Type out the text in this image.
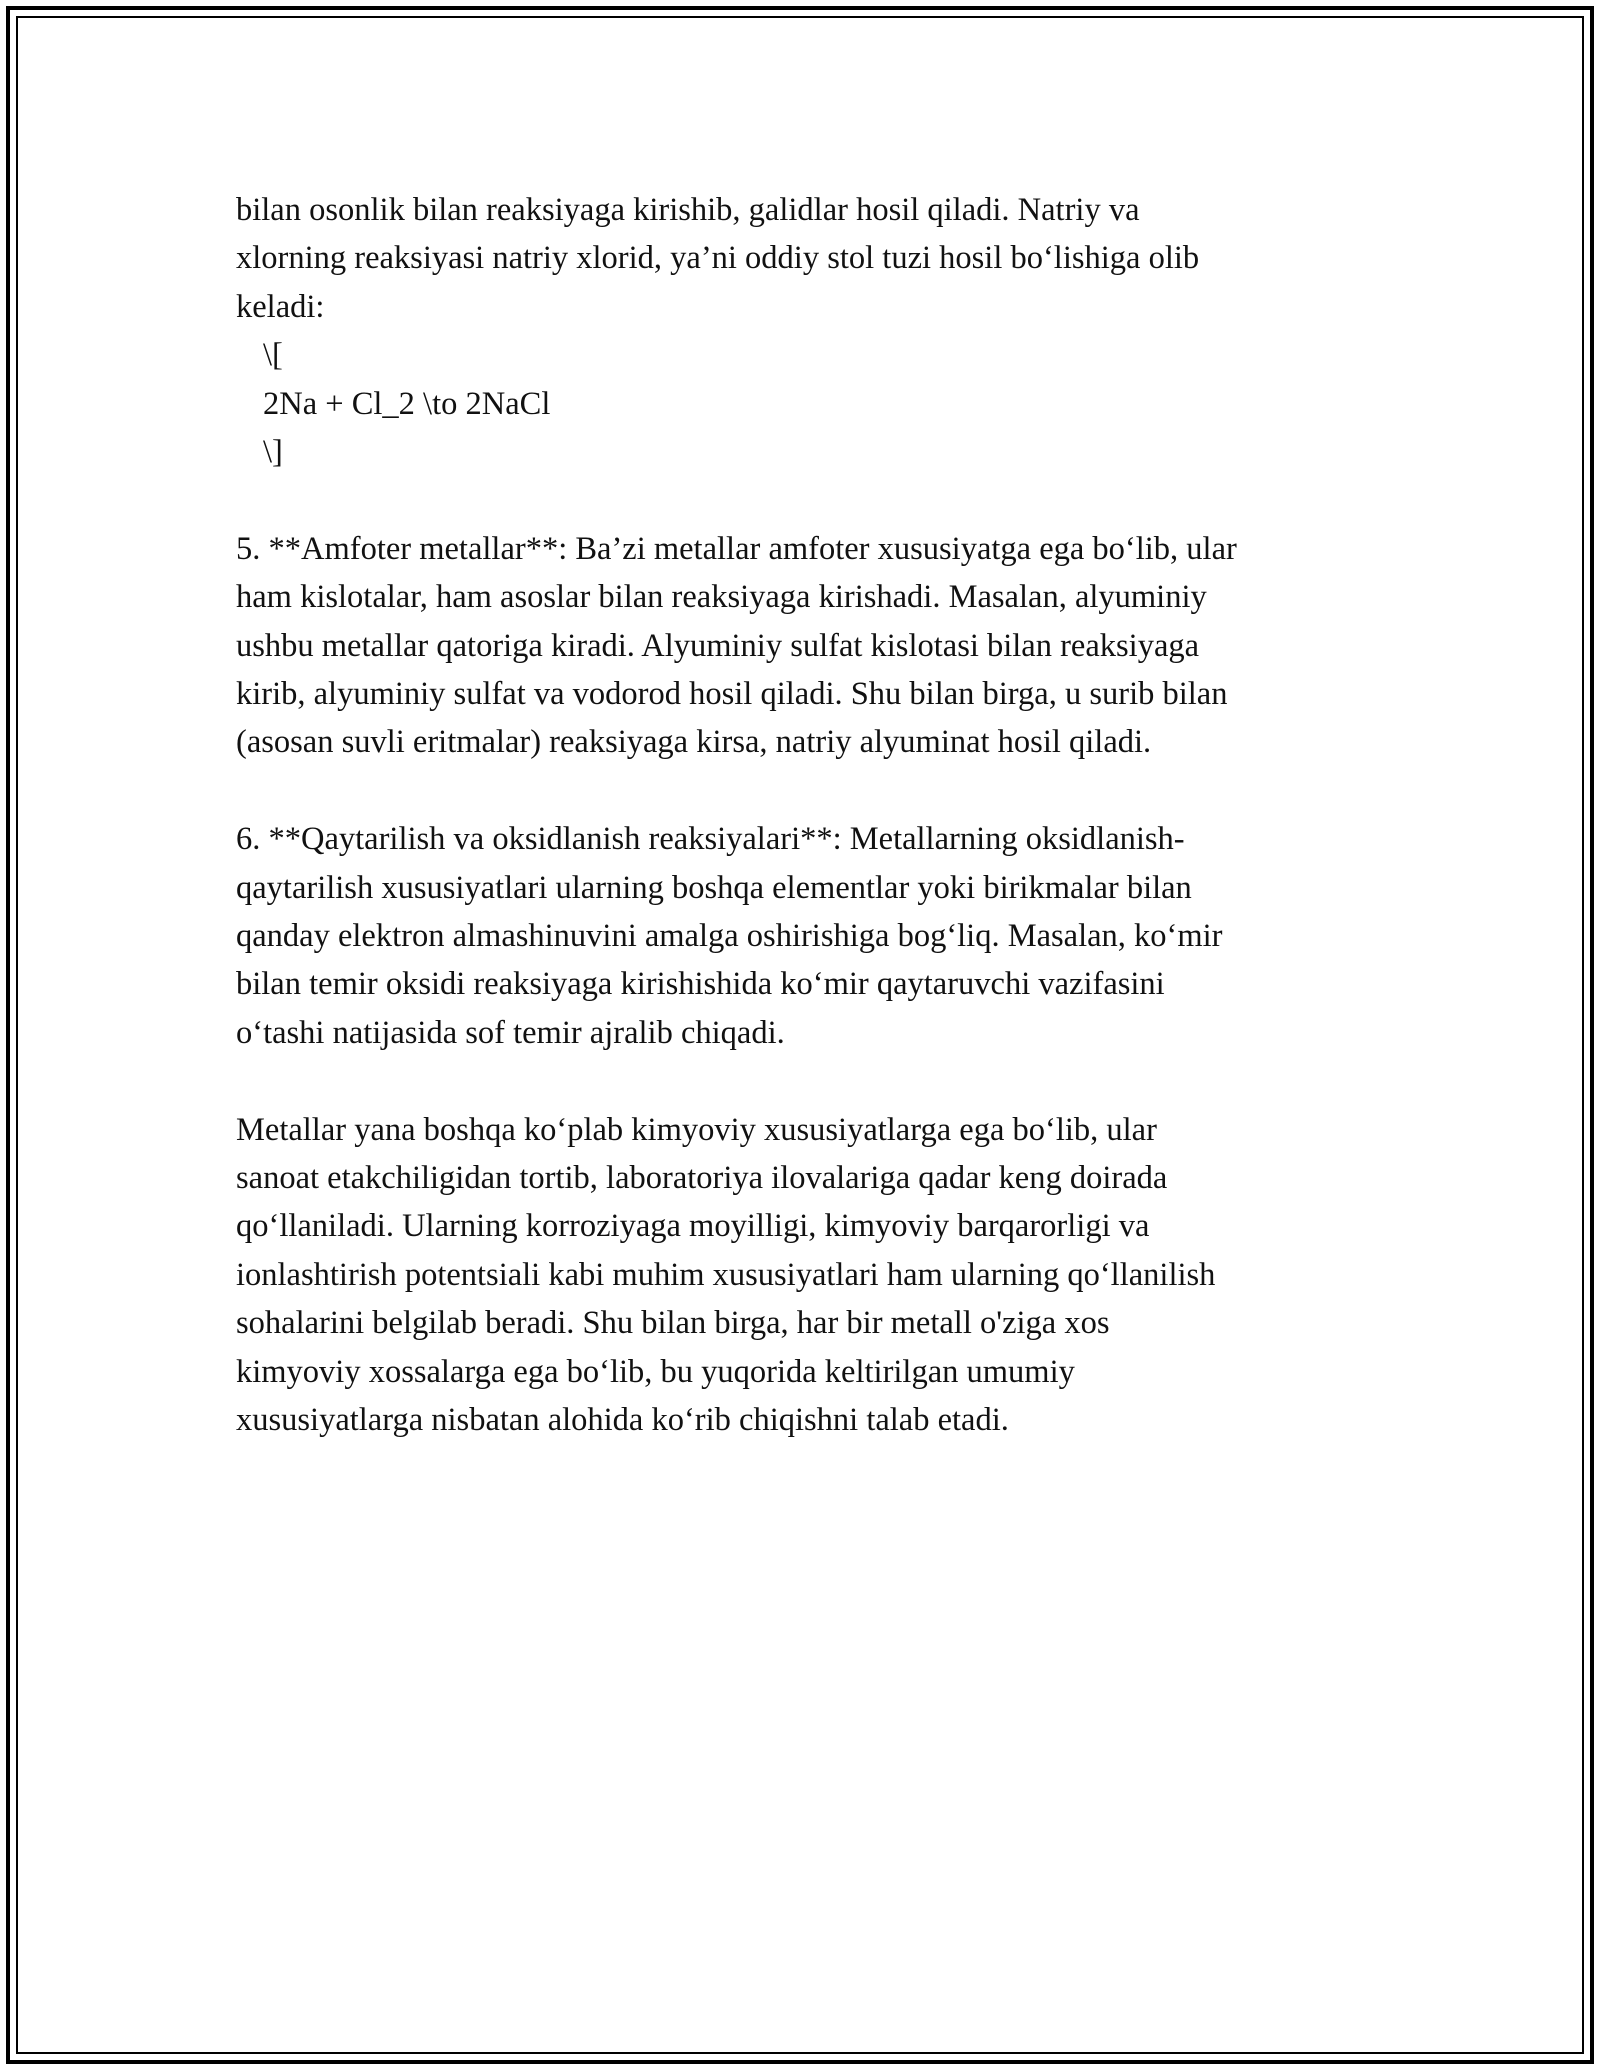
bilan osonlik bilan reaksiyaga kirishib, galidlar hosil qiladi. Natriy va

xlorning reaksiyasi natriy xlorid, ya’ni oddiy stol tuzi hosil bo‘lishiga olib

keladi:

\[

2Na + Cl_2 \to 2NaCl

\]

5. **Amfoter metallar**: Ba’zi metallar amfoter xususiyatga ega bo‘lib, ular

ham kislotalar, ham asoslar bilan reaksiyaga kirishadi. Masalan, alyuminiy

ushbu metallar qatoriga kiradi. Alyuminiy sulfat kislotasi bilan reaksiyaga

kirib, alyuminiy sulfat va vodorod hosil qiladi. Shu bilan birga, u surib bilan

(asosan suvli eritmalar) reaksiyaga kirsa, natriy alyuminat hosil qiladi.

6. **Qaytarilish va oksidlanish reaksiyalari**: Metallarning oksidlanish-

qaytarilish xususiyatlari ularning boshqa elementlar yoki birikmalar bilan

qanday elektron almashinuvini amalga oshirishiga bog‘liq. Masalan, ko‘mir

bilan temir oksidi reaksiyaga kirishishida ko‘mir qaytaruvchi vazifasini

o‘tashi natijasida sof temir ajralib chiqadi.

Metallar yana boshqa ko‘plab kimyoviy xususiyatlarga ega bo‘lib, ular

sanoat etakchiligidan tortib, laboratoriya ilovalariga qadar keng doirada

qo‘llaniladi. Ularning korroziyaga moyilligi, kimyoviy barqarorligi va

ionlashtirish potentsiali kabi muhim xususiyatlari ham ularning qo‘llanilish

sohalarini belgilab beradi. Shu bilan birga, har bir metall o'ziga xos

kimyoviy xossalarga ega bo‘lib, bu yuqorida keltirilgan umumiy

xususiyatlarga nisbatan alohida ko‘rib chiqishni talab etadi.
